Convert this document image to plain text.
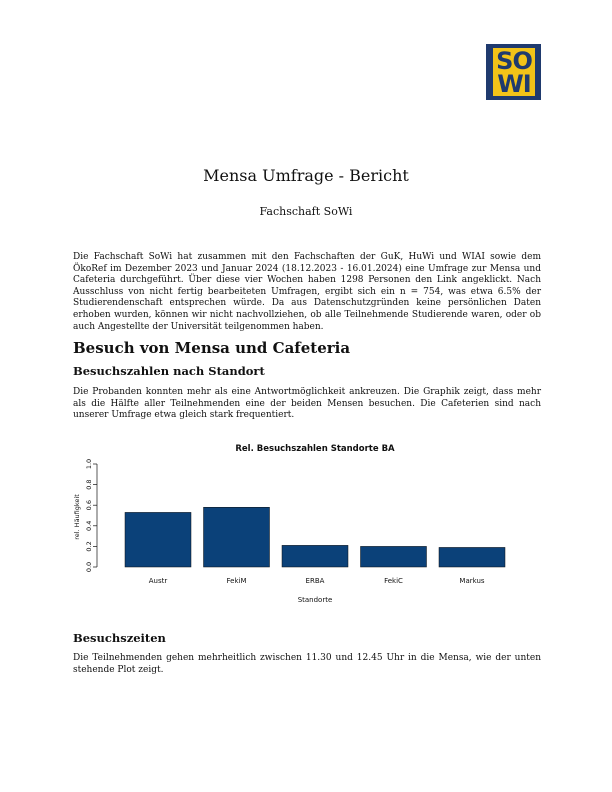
SO
WI
Mensa Umfrage - Bericht
Fachschaft SoWi

Die Fachschaft SoWi hat zusammen mit den Fachschaften der GuK, HuWi und WIAI sowie dem ÖkoRef im Dezember 2023 und Januar 2024 (18.12.2023 - 16.01.2024) eine Umfrage zur Mensa und Cafeteria durchgeführt. Über diese vier Wochen haben 1298 Personen den Link angeklickt. Nach Ausschluss von nicht fertig bearbeiteten Umfragen, ergibt sich ein n = 754, was etwa 6.5% der Studierendenschaft entsprechen würde. Da aus Datenschutzgründen keine persönlichen Daten erhoben wurden, können wir nicht nachvollziehen, ob alle Teilnehmende Studierende waren, oder ob auch Angestellte der Universität teilgenommen haben.

Besuch von Mensa und Cafeteria
Besuchszahlen nach Standort

Die Probanden konnten mehr als eine Antwortmöglichkeit ankreuzen. Die Graphik zeigt, dass mehr als die Hälfte aller Teilnehmenden eine der beiden Mensen besuchen. Die Cafeterien sind nach unserer Umfrage etwa gleich stark frequentiert.

Rel. Besuchszahlen Standorte BA
0.0
0.2
0.4
0.6
0.8
1.0
Austr	FekiM	ERBA	FekiC	Markus
Standorte
rel. Häufigkeit
Besuchszeiten

Die Teilnehmenden gehen mehrheitlich zwischen 11.30 und 12.45 Uhr in die Mensa, wie der unten stehende Plot zeigt.
